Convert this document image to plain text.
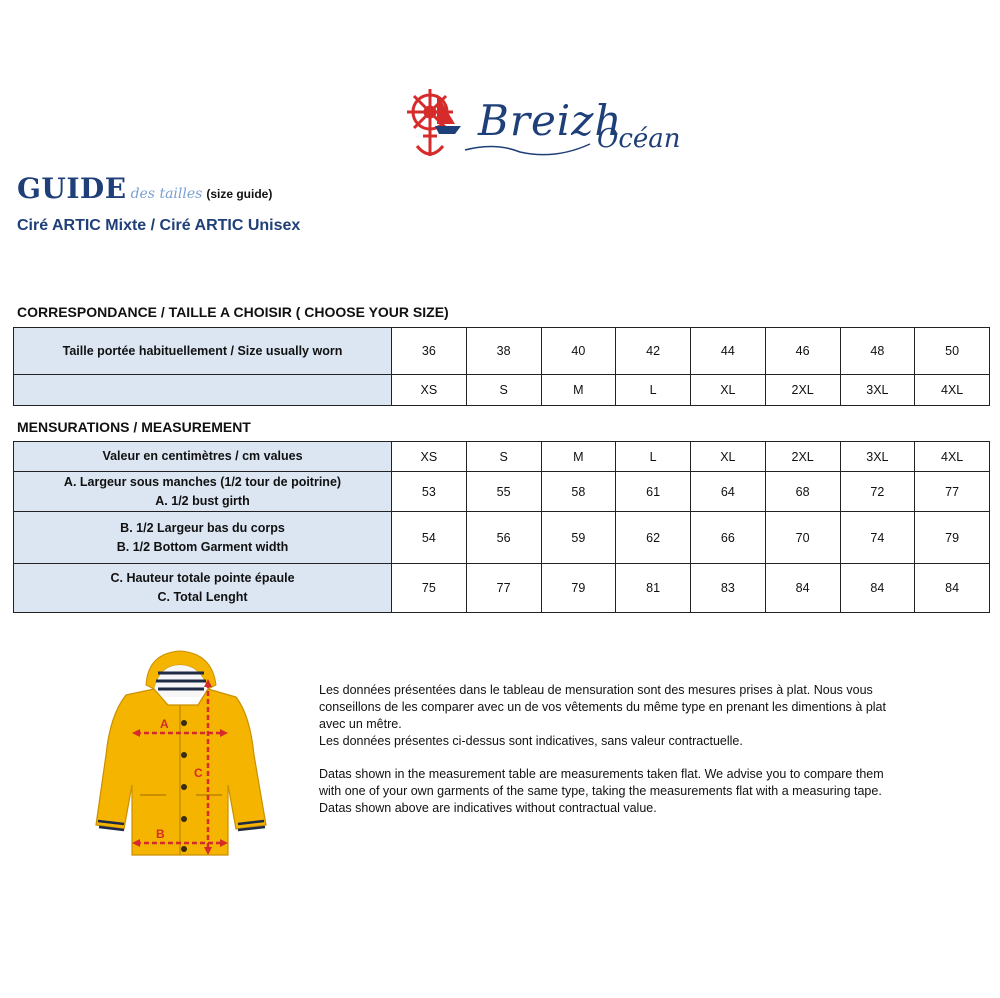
Breizh
Océan
GUIDE des tailles (size guide)
Ciré ARTIC Mixte / Ciré ARTIC Unisex
CORRESPONDANCE / TAILLE A CHOISIR ( CHOOSE YOUR SIZE)
Taille portée habituellement / Size usually worn	36	38	40	42	44	46	48	50
	XS	S	M	L	XL	2XL	3XL	4XL
MENSURATIONS / MEASUREMENT
Valeur en centimètres / cm values	XS	S	M	L	XL	2XL	3XL	4XL

A. Largeur sous manches (1/2 tour de poitrine)
A. 1/2 bust girth	53	55	58	61	64	68	72	77

B. 1/2 Largeur bas du corps
B. 1/2 Bottom Garment width	54	56	59	62	66	70	74	79

C. Hauteur totale pointe épaule
C. Total Lenght	75	77	79	81	83	84	84	84
A
B
C

Les données présentées dans le tableau de mensuration sont des mesures prises à plat. Nous vous conseillons de les comparer avec un de vos vêtements du même type en prenant les dimentions à plat avec un mêtre.

Les données présentes ci-dessus sont indicatives, sans valeur contractuelle.

Datas shown in the measurement table are measurements taken flat. We advise you to compare them with one of your own garments of the same type, taking the measurements flat with a measuring tape.

Datas shown above are indicatives without contractual value.
